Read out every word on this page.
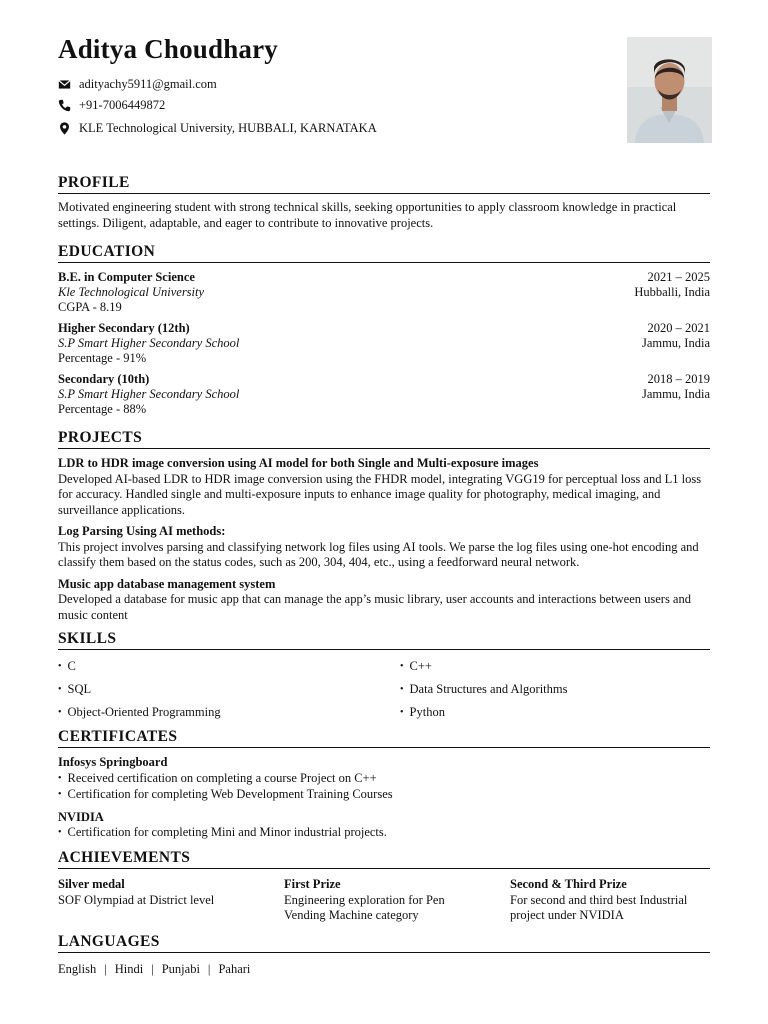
Aditya Choudhary
adityachy5911@gmail.com
+91-7006449872
KLE Technological University, HUBBALI, KARNATAKA
PROFILE

Motivated engineering student with strong technical skills, seeking opportunities to apply classroom knowledge in practical settings. Diligent, adaptable, and eager to contribute to innovative projects.

EDUCATION
B.E. in Computer Science	2021 – 2025
Kle Technological University	Hubballi, India
CGPA - 8.19
Higher Secondary (12th)	2020 – 2021
S.P Smart Higher Secondary School	Jammu, India
Percentage - 91%
Secondary (10th)	2018 – 2019
S.P Smart Higher Secondary School	Jammu, India
Percentage - 88%
PROJECTS

LDR to HDR image conversion using AI model for both Single and Multi-exposure images

Developed AI-based LDR to HDR image conversion using the FHDR model, integrating VGG19 for perceptual loss and L1 loss for accuracy. Handled single and multi-exposure inputs to enhance image quality for photography, medical imaging, and surveillance applications.

Log Parsing Using AI methods:

This project involves parsing and classifying network log files using AI tools. We parse the log files using one-hot encoding and classify them based on the status codes, such as 200, 304, 404, etc., using a feedforward neural network.

Music app database management system

Developed a database for music app that can manage the app’s music library, user accounts and interactions between users and music content

SKILLS
• C	• C++
• SQL	• Data Structures and Algorithms
• Object-Oriented Programming	• Python
CERTIFICATES

Infosys Springboard

• Received certification on completing a course Project on C++

• Certification for completing Web Development Training Courses

NVIDIA

• Certification for completing Mini and Minor industrial projects.

ACHIEVEMENTS
Silver medal
SOF Olympiad at District level
First Prize
Engineering exploration for Pen Vending Machine category
Second & Third Prize
For second and third best Industrial project under NVIDIA
LANGUAGES
English | Hindi | Punjabi | Pahari
